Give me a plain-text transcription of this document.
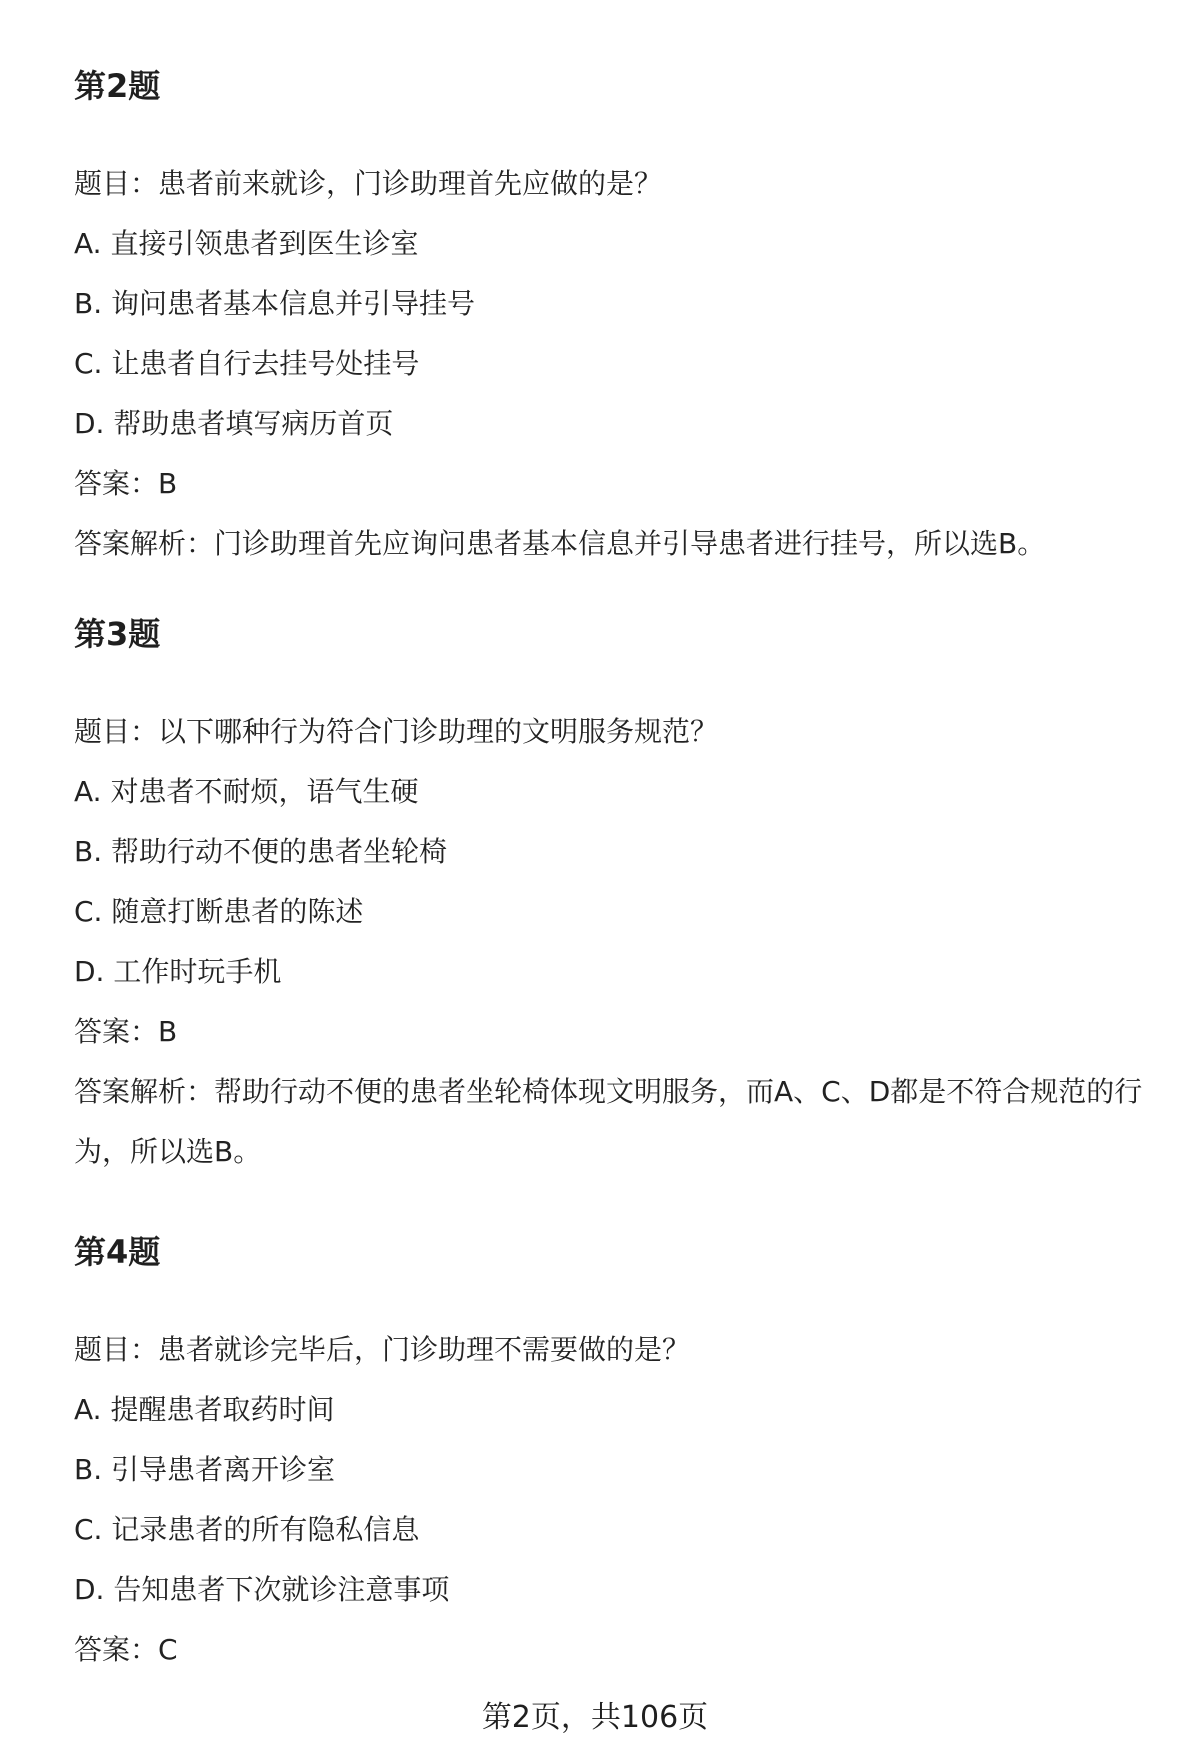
第2题

题目：患者前来就诊，门诊助理首先应做的是？

A. 直接引领患者到医生诊室

B. 询问患者基本信息并引导挂号

C. 让患者自行去挂号处挂号

D. 帮助患者填写病历首页

答案：B

答案解析：门诊助理首先应询问患者基本信息并引导患者进行挂号，所以选B。

第3题

题目：以下哪种行为符合门诊助理的文明服务规范？

A. 对患者不耐烦，语气生硬

B. 帮助行动不便的患者坐轮椅

C. 随意打断患者的陈述

D. 工作时玩手机

答案：B

答案解析：帮助行动不便的患者坐轮椅体现文明服务，而A、C、D都是不符合规范的行为，所以选B。

第4题

题目：患者就诊完毕后，门诊助理不需要做的是？

A. 提醒患者取药时间

B. 引导患者离开诊室

C. 记录患者的所有隐私信息

D. 告知患者下次就诊注意事项

答案：C

第2页，共106页
